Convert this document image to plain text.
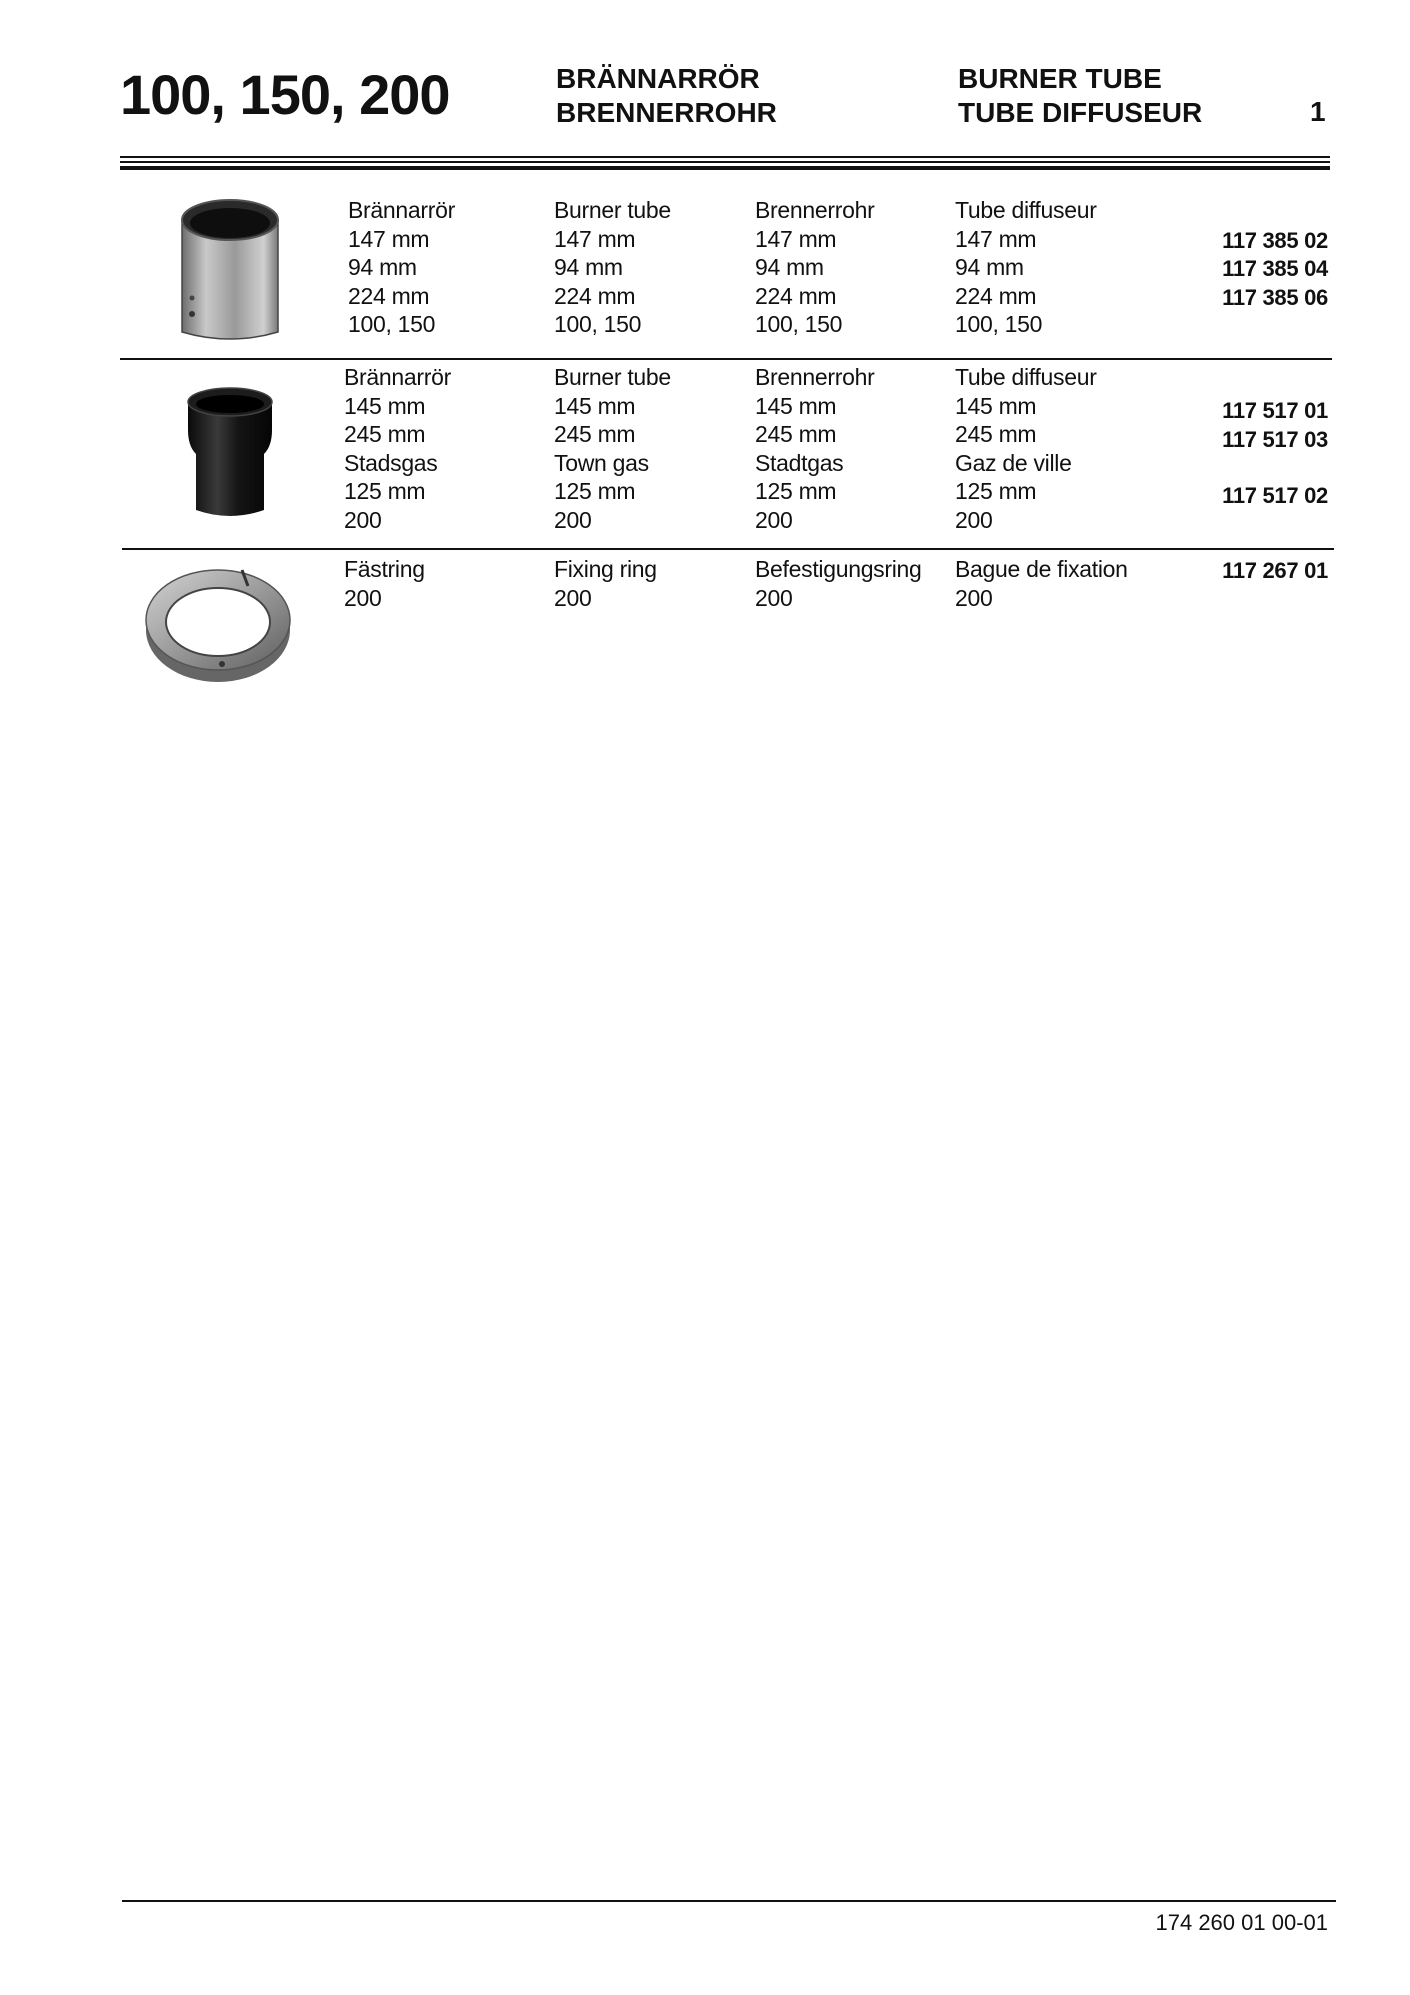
100, 150, 200	BRÄNNARRÖR
BRENNERROHR
BURNER TUBE
TUBE DIFFUSEUR	1
Brännarrör
147 mm
94 mm
224 mm
100, 150
Burner tube
147 mm
94 mm
224 mm
100, 150
Brennerrohr
147 mm
94 mm
224 mm
100, 150
Tube diffuseur
147 mm
94 mm
224 mm
100, 150
117 385 02
117 385 04
117 385 06
Brännarrör
145 mm
245 mm
Stadsgas
125 mm
200
Burner tube
145 mm
245 mm
Town gas
125 mm
200
Brennerrohr
145 mm
245 mm
Stadtgas
125 mm
200
Tube diffuseur
145 mm
245 mm
Gaz de ville
125 mm
200
117 517 01
117 517 03
117 517 02
Fästring
200
Fixing ring
200
Befestigungsring
200
Bague de fixation
200
117 267 01
174 260 01 00-01
